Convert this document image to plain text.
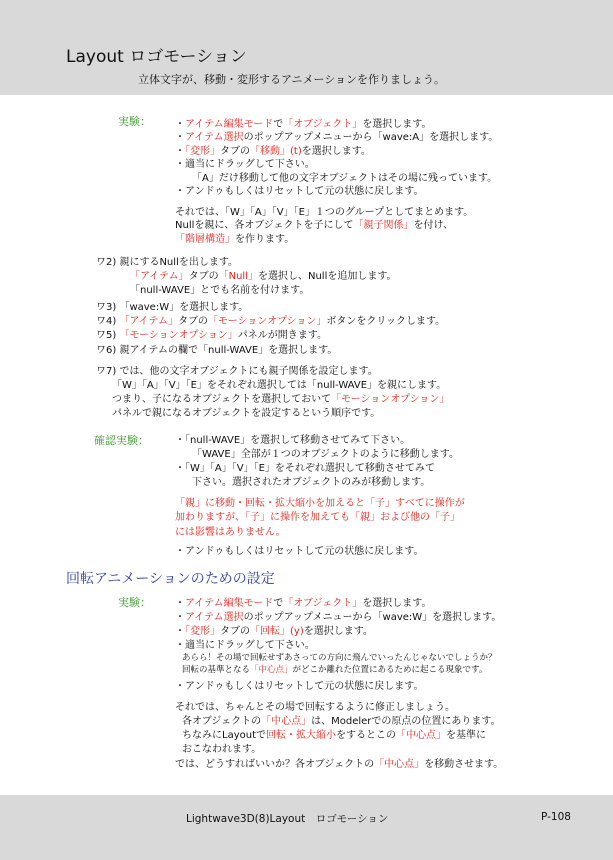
Layout ロゴモーション
立体文字が、移動・変形するアニメーションを作りましょう。
実験： ・アイテム編集モードで「オブジェクト」を選択します。
・アイテム選択のポップアップメニューから「wave:A」を選択します。
・「変形」タブの「移動」(t)を選択します。
・適当にドラッグして下さい。
「A」だけ移動して他の文字オブジェクトはその場に残っています。
・アンドゥもしくはリセットして元の状態に戻します。
それでは、「W」「A」「V」「E」１つのグループとしてまとめます。
Nullを親に、各オブジェクトを子にして「親子関係」を付け、
「階層構造」を作ります。
ワ2) 親にするNullを出します。
「アイテム」タブの「Null」を選択し、Nullを追加します。
「null-WAVE」とでも名前を付けます。
ワ3) 「wave:W」を選択します。
ワ4) 「アイテム」タブの「モーションオプション」ボタンをクリックします。
ワ5) 「モーションオプション」パネルが開きます。
ワ6) 親アイテムの欄で「null-WAVE」を選択します。
ワ7) では、他の文字オブジェクトにも親子関係を設定します。
「W」「A」「V」「E」をそれぞれ選択しては「null-WAVE」を親にします。
つまり、子になるオブジェクトを選択しておいて「モーションオプション」
パネルで親になるオブジェクトを設定するという順序です。
確認実験：	・「null-WAVE」を選択して移動させてみて下さい。
「WAVE」全部が１つのオブジェクトのように移動します。
・「W」「A」「V」「E」をそれぞれ選択して移動させてみて
下さい。選択されたオブジェクトのみが移動します。
「親」に移動・回転・拡大縮小を加えると「子」すべてに操作が
加わりますが、「子」に操作を加えても「親」および他の「子」
には影響はありません。
・アンドゥもしくはリセットして元の状態に戻します。
回転アニメーションのための設定
実験： ・アイテム編集モードで「オブジェクト」を選択します。
・アイテム選択のポップアップメニューから「wave:W」を選択します。
・「変形」タブの「回転」(y)を選択します。
・適当にドラッグして下さい。
あらら！その場で回転せずあさっての方向に飛んでいったんじゃないでしょうか？
回転の基準となる「中心点」がどこか離れた位置にあるために起こる現象です。
・アンドゥもしくはリセットして元の状態に戻します。
それでは、ちゃんとその場で回転するように修正しましょう。
各オブジェクトの「中心点」は、Modelerでの原点の位置にあります。
ちなみにLayoutで回転・拡大縮小をするとこの「中心点」を基準に
おこなわれます。
では、どうすればいいか？各オブジェクトの「中心点」を移動させます。
Lightwave3D(8)Layout　ロゴモーション	P-108
